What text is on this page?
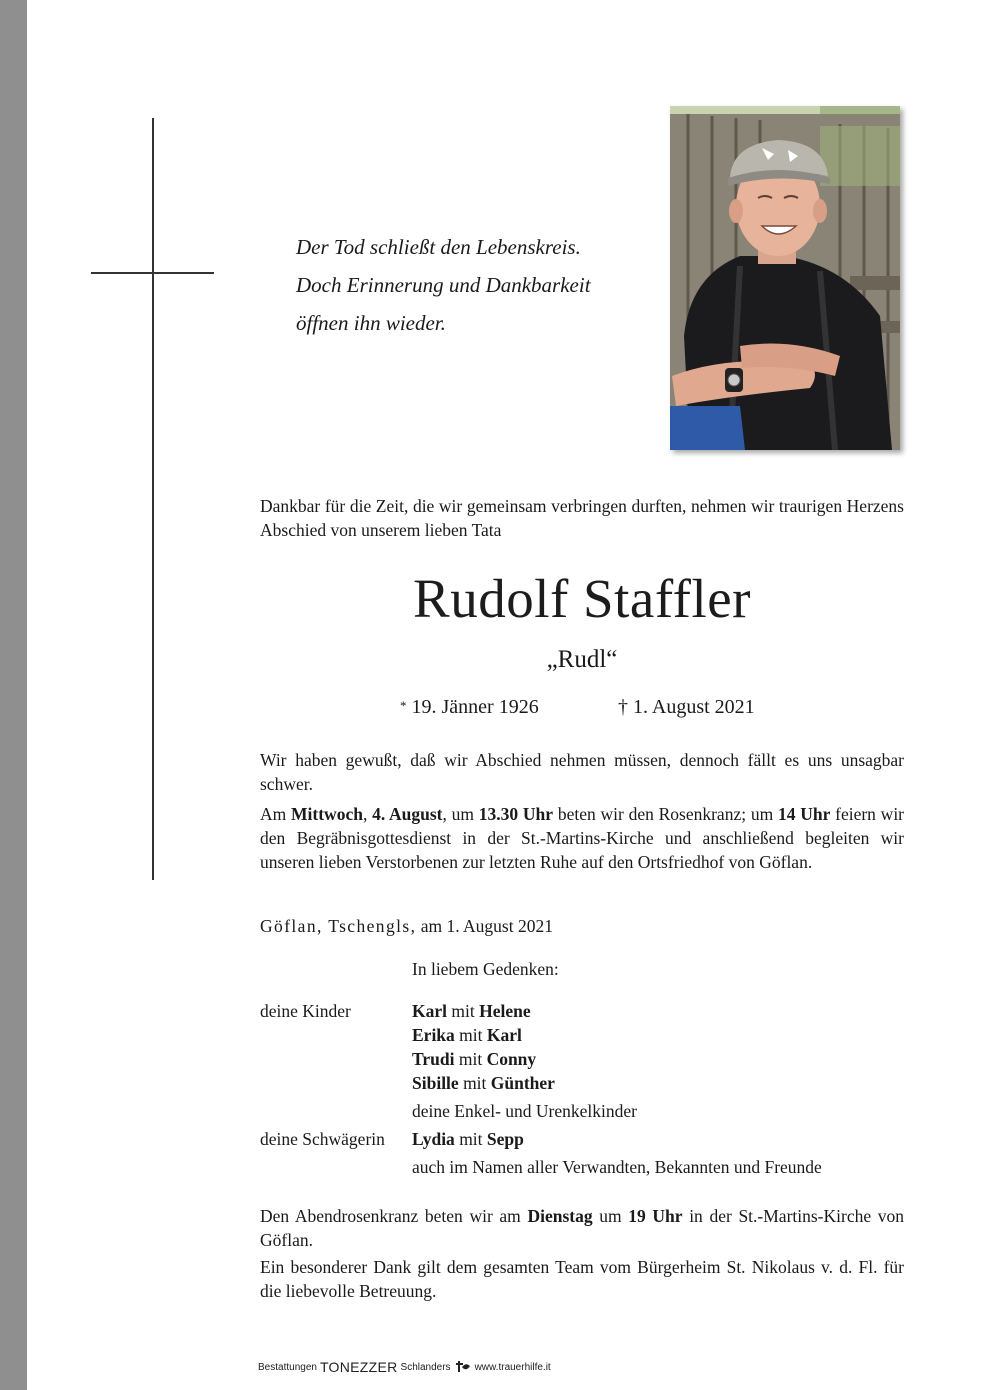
Der Tod schließt den Lebenskreis.
Doch Erinnerung und Dankbarkeit
öffnen ihn wieder.
Dankbar für die Zeit, die wir gemeinsam verbringen durften, nehmen wir traurigen Herzens Abschied von unserem lieben Tata
Rudolf Staffler
„Rudl“
* 19. Jänner 1926	† 1. August 2021
Wir haben gewußt, daß wir Abschied nehmen müssen, dennoch fällt es uns unsagbar schwer.
Am Mittwoch, 4. August, um 13.30 Uhr beten wir den Rosenkranz; um 14 Uhr feiern wir den Begräbnisgottesdienst in der St.-Martins-Kirche und anschließend begleiten wir unseren lieben Verstorbenen zur letzten Ruhe auf den Ortsfriedhof von Göflan.
Göflan, Tschengls, am 1. August 2021
In liebem Gedenken:
deine Kinder	Karl mit Helene
Erika mit Karl
Trudi mit Conny
Sibille mit Günther
deine Enkel- und Urenkelkinder
deine Schwägerin Lydia mit Sepp
auch im Namen aller Verwandten, Bekannten und Freunde
Den Abendrosenkranz beten wir am Dienstag um 19 Uhr in der St.-Martins-Kirche von Göflan.
Ein besonderer Dank gilt dem gesamten Team vom Bürgerheim St. Nikolaus v. d. Fl. für die liebevolle Betreuung.
Bestattungen TONEZZER Schlanders www.trauerhilfe.it
